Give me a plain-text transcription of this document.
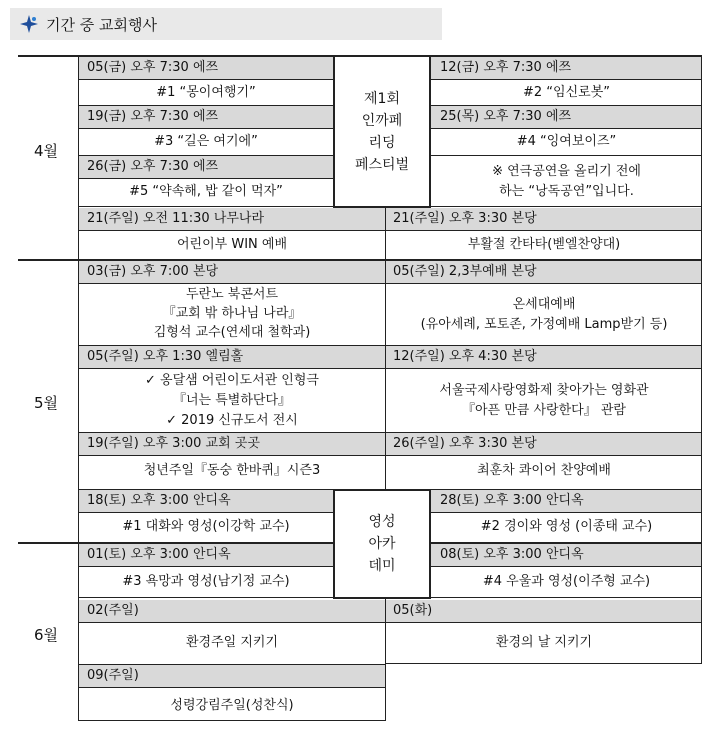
기간 중 교회행사
4월
5월
6월
제1회
인까페
리딩
페스티벌
영성
아카
데미
05(금) 오후 7:30 에쯔
#1 “몽이여행기”
12(금) 오후 7:30 에쯔
#2 “임신로봇”
19(금) 오후 7:30 에쯔
#3 “길은 여기에”
25(목) 오후 7:30 에쯔
#4 “잉여보이즈”
26(금) 오후 7:30 에쯔
#5 “약속해, 밥 같이 먹자”
※ 연극공연을 올리기 전에
하는 “낭독공연”입니다.
21(주일) 오전 11:30 나무나라
어린이부 WIN 예배
21(주일) 오후 3:30 본당
부활절 칸타타(벧엘찬양대)
03(금) 오후 7:00 본당
두란노 북콘서트
『교회 밖 하나님 나라』
김형석 교수(연세대 철학과)
05(주일) 2,3부예배 본당
온세대예배
(유아세례, 포토존, 가정예배 Lamp받기 등)
05(주일) 오후 1:30 엘림홀
✓ 옹달샘 어린이도서관 인형극
『너는 특별하단다』
✓ 2019 신규도서 전시
12(주일) 오후 4:30 본당
서울국제사랑영화제 찾아가는 영화관
『아픈 만큼 사랑한다』 관람
19(주일) 오후 3:00 교회 곳곳
청년주일『동숭 한바퀴』시즌3
26(주일) 오후 3:30 본당
최훈차 콰이어 찬양예배
18(토) 오후 3:00 안디옥
#1 대화와 영성(이강학 교수)
28(토) 오후 3:00 안디옥
#2 경이와 영성 (이종태 교수)
01(토) 오후 3:00 안디옥
#3 욕망과 영성(남기정 교수)
08(토) 오후 3:00 안디옥
#4 우울과 영성(이주형 교수)
02(주일)
환경주일 지키기
05(화)
환경의 날 지키기
09(주일)
성령강림주일(성찬식)
